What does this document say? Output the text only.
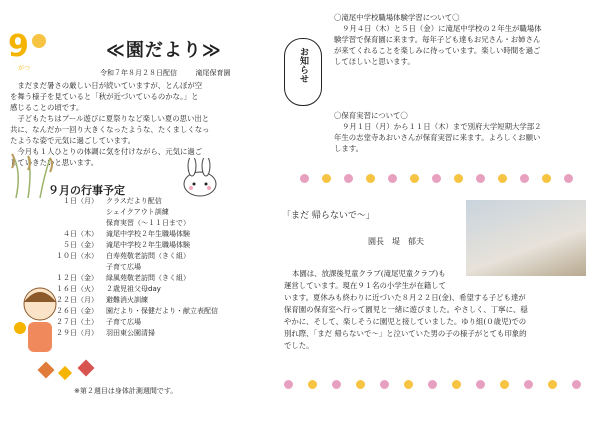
9
がつ
≪園だより≫
令和７年８月２８日配信	滝尾保育園

　まだまだ暑さの厳しい日が続いていますが、とんぼが空

を舞う様子を見ていると「秋が近づいているのかな。」と

感じることの頃です。

　子どもたちはプール遊びに夏祭りなど楽しい夏の思い出と

共に、なんだか一回り大きくなったような、たくましくなっ

たような姿で元気に過ごしています。

　今月も１人ひとりの体調に気を付けながら、元気に過ご

していきたいと思います。

９月の行事予定
１日（月）	クラスだより配信
シェイクアウト訓練
保育実習（～１１日まで）
４日（木）	滝尾中学校２年生職場体験
５日（金）	滝尾中学校２年生職場体験
１０日（水）	白寿苑敬老訪問（きく組）
子育て広場
１２日（金）	緑風苑敬老訪問（きく組）
１６日（火）	２歳児祖父母day
２２日（月）	避難消火訓練
２６日（金）	園だより・保健だより・献立表配信
２７日（土）	子育て広場
２９日（月）	羽田東公園清掃
※第２週目は身体計測週間です。
お知らせ
〇滝尾中学校職場体験学習について〇
９月４日（木）と５日（金）に滝尾中学校の２年生が職場体
験学習で保育園に来ます。毎年子ども達もお兄さん・お姉さん
が来てくれることを楽しみに待っています。楽しい時間を過ご
してほしいと思います。
〇保育実習について〇
９月１日（月）から１１日（木）まで別府大学短期大学部２
年生の志堂寺あおいさんが保育実習に来ます。よろしくお願い
します。
「まだ 帰らないで～」
園長　堤　郁夫

本園は、放課後児童クラブ(滝尾児童クラブ)も

運営しています。現在９１名の小学生が在籍して

います。夏休みも終わりに近づいた８月２２日(金)、希望する子ども達が

保育園の保育室へ行って園児と一緒に遊びました。やさしく、丁寧に、穏

やかに、そして、楽しそうに園児と接していました。ゆり組(０歳児)での

別れ際、「まだ 帰らないで～」と泣いていた男の子の様子がとても印象的

でした。
